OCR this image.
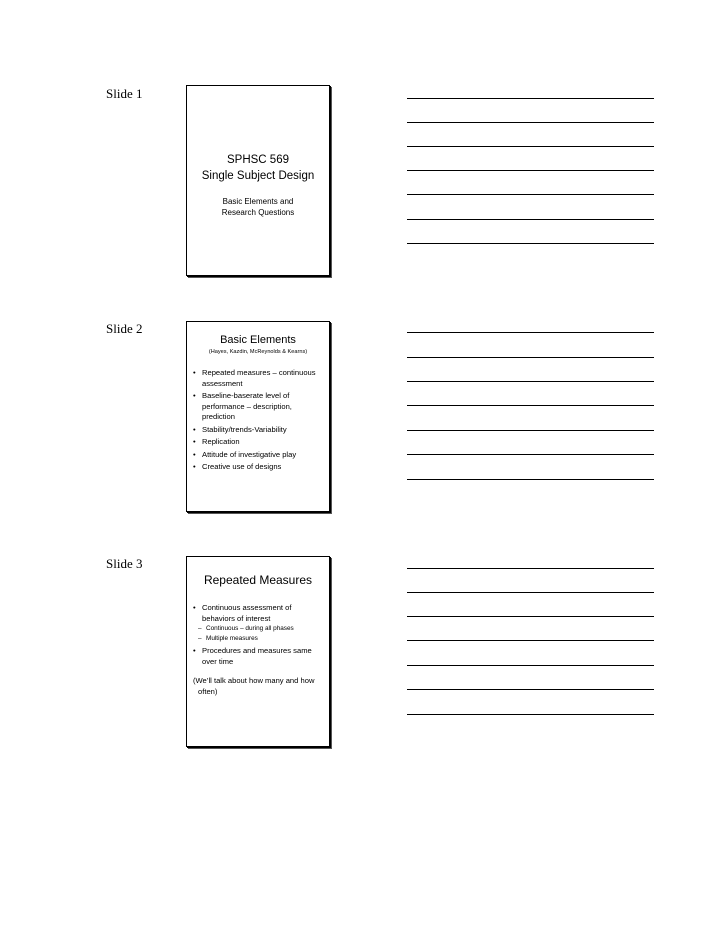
Slide 1
SPHSC 569
Single Subject Design
Basic Elements and
Research Questions
Slide 2
Basic Elements
(Hayes, Kazdin, McReynolds & Kearns)
• Repeated measures – continuous assessment
• Baseline-baserate level of performance – description, prediction
• Stability/trends-Variability
• Replication
• Attitude of investigative play
• Creative use of designs
Slide 3
Repeated Measures
• Continuous assessment of behaviors of interest
– Continuous – during all phases
– Multiple measures
• Procedures and measures same over time
(We’ll talk about how many and how often)
